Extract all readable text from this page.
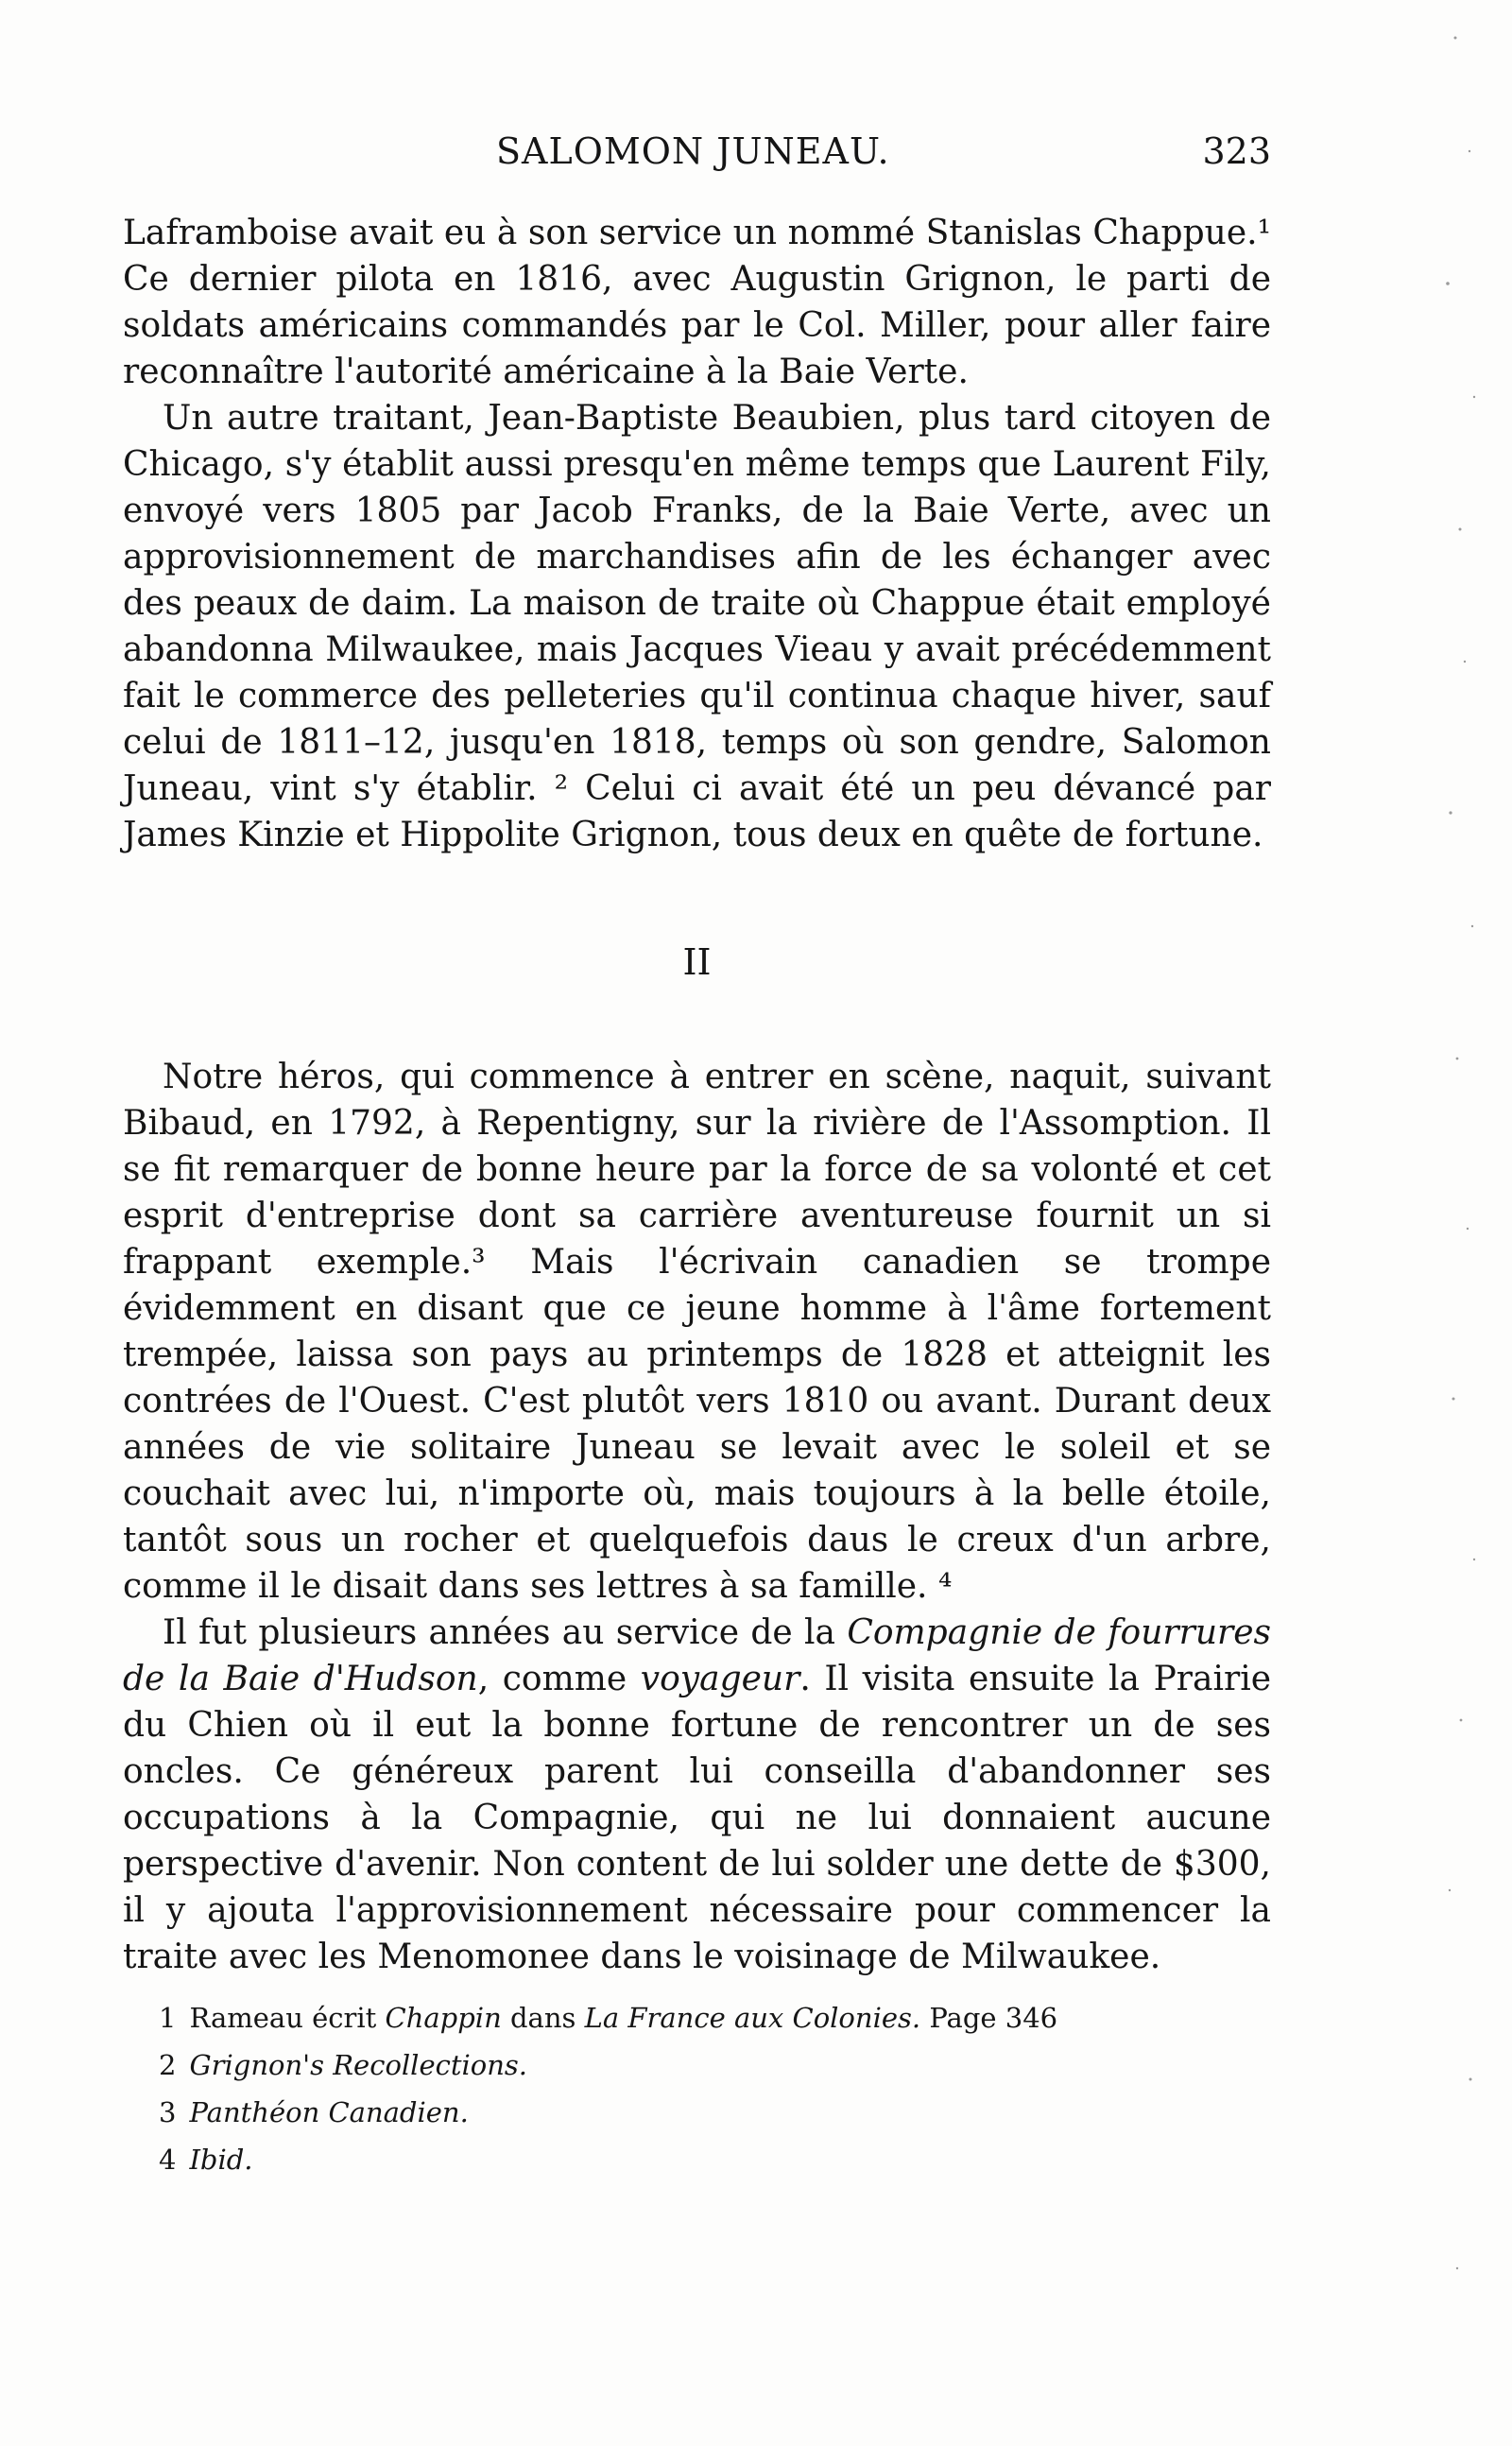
SALOMON JUNEAU.	323

Laframboise avait eu à son service un nommé Stanislas Chappue.¹ Ce dernier pilota en 1816, avec Augustin Grignon, le parti de soldats américains commandés par le Col. Miller, pour aller faire reconnaître l'autorité américaine à la Baie Verte.

Un autre traitant, Jean-Baptiste Beaubien, plus tard citoyen de Chicago, s'y établit aussi presqu'en même temps que Laurent Fily, envoyé vers 1805 par Jacob Franks, de la Baie Verte, avec un approvisionnement de marchandises afin de les échanger avec des peaux de daim. La maison de traite où Chappue était employé abandonna Milwaukee, mais Jacques Vieau y avait précédemment fait le commerce des pelleteries qu'il continua chaque hiver, sauf celui de 1811–12, jusqu'en 1818, temps où son gendre, Salomon Juneau, vint s'y établir. ² Celui ci avait été un peu dévancé par James Kinzie et Hippolite Grignon, tous deux en quête de fortune.

II

Notre héros, qui commence à entrer en scène, naquit, suivant Bibaud, en 1792, à Repentigny, sur la rivière de l'Assomption. Il se fit remarquer de bonne heure par la force de sa volonté et cet esprit d'entreprise dont sa carrière aventureuse fournit un si frappant exemple.³ Mais l'écrivain canadien se trompe évidemment en disant que ce jeune homme à l'âme fortement trempée, laissa son pays au printemps de 1828 et atteignit les contrées de l'Ouest. C'est plutôt vers 1810 ou avant. Durant deux années de vie solitaire Juneau se levait avec le soleil et se couchait avec lui, n'importe où, mais toujours à la belle étoile, tantôt sous un rocher et quelquefois daus le creux d'un arbre, comme il le disait dans ses lettres à sa famille. ⁴

Il fut plusieurs années au service de la Compagnie de fourrures de la Baie d'Hudson, comme voyageur. Il visita ensuite la Prairie du Chien où il eut la bonne fortune de rencontrer un de ses oncles. Ce généreux parent lui conseilla d'abandonner ses occupations à la Compagnie, qui ne lui donnaient aucune perspective d'avenir. Non content de lui solder une dette de $300, il y ajouta l'approvisionnement nécessaire pour commencer la traite avec les Menomonee dans le voisinage de Milwaukee.

1 Rameau écrit Chappin dans La France aux Colonies. Page 346
2 Grignon's Recollections.
3 Panthéon Canadien.
4 Ibid.
